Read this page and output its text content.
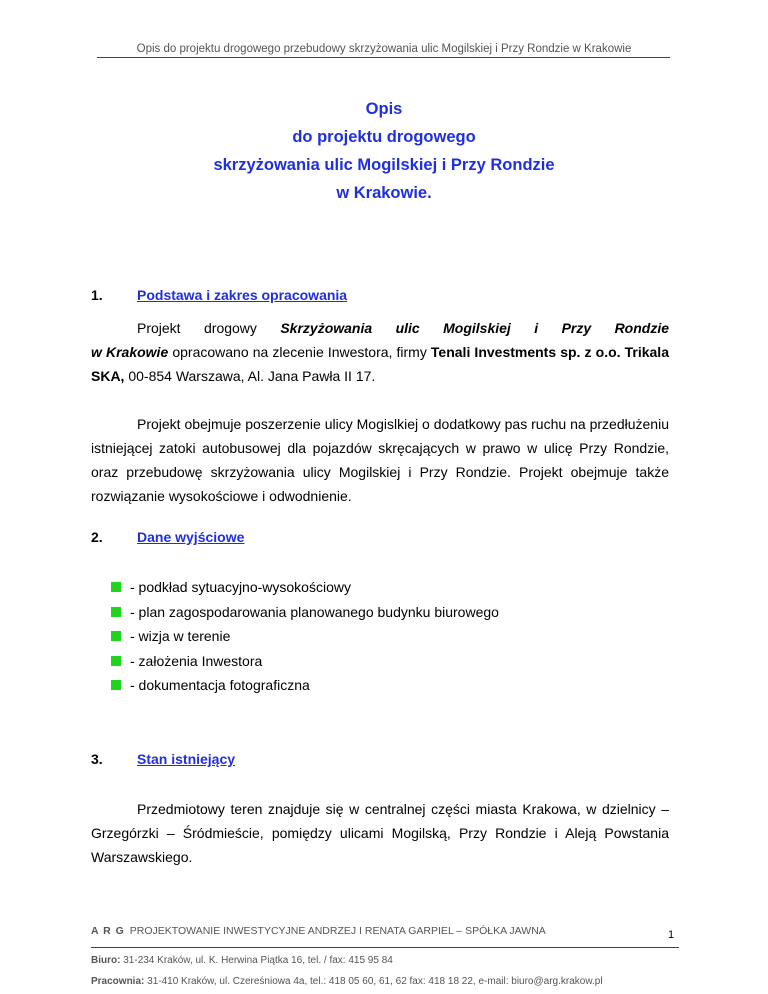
Opis do projektu drogowego przebudowy skrzyżowania ulic Mogilskiej i Przy Rondzie w Krakowie
Opis
do projektu drogowego
skrzyżowania ulic Mogilskiej i Przy Rondzie
w Krakowie.
1. Podstawa i zakres opracowania
Projekt drogowy Skrzyżowania ulic Mogilskiej i Przy Rondzie
w Krakowie opracowano na zlecenie Inwestora, firmy Tenali Investments sp. z o.o. Trikala SKA, 00-854 Warszawa, Al. Jana Pawła II 17.
Projekt obejmuje poszerzenie ulicy Mogislkiej o dodatkowy pas ruchu na przedłużeniu istniejącej zatoki autobusowej dla pojazdów skręcających w prawo w ulicę Przy Rondzie, oraz przebudowę skrzyżowania ulicy Mogilskiej i Przy Rondzie. Projekt obejmuje także rozwiązanie wysokościowe i odwodnienie.
2. Dane wyjściowe
- podkład sytuacyjno-wysokościowy
- plan zagospodarowania planowanego budynku biurowego
- wizja w terenie
- założenia Inwestora
- dokumentacja fotograficzna
3. Stan istniejący
Przedmiotowy teren znajduje się w centralnej części miasta Krakowa, w dzielnicy – Grzegórzki – Śródmieście, pomiędzy ulicami Mogilską, Przy Rondzie i Aleją Powstania Warszawskiego.
A R G PROJEKTOWANIE INWESTYCYJNE ANDRZEJ I RENATA GARPIEL – SPÓŁKA JAWNA	1
Biuro: 31-234 Kraków, ul. K. Herwina Piątka 16, tel. / fax: 415 95 84
Pracownia: 31-410 Kraków, ul. Czereśniowa 4a, tel.: 418 05 60, 61, 62 fax: 418 18 22, e-mail: biuro@arg.krakow.pl
